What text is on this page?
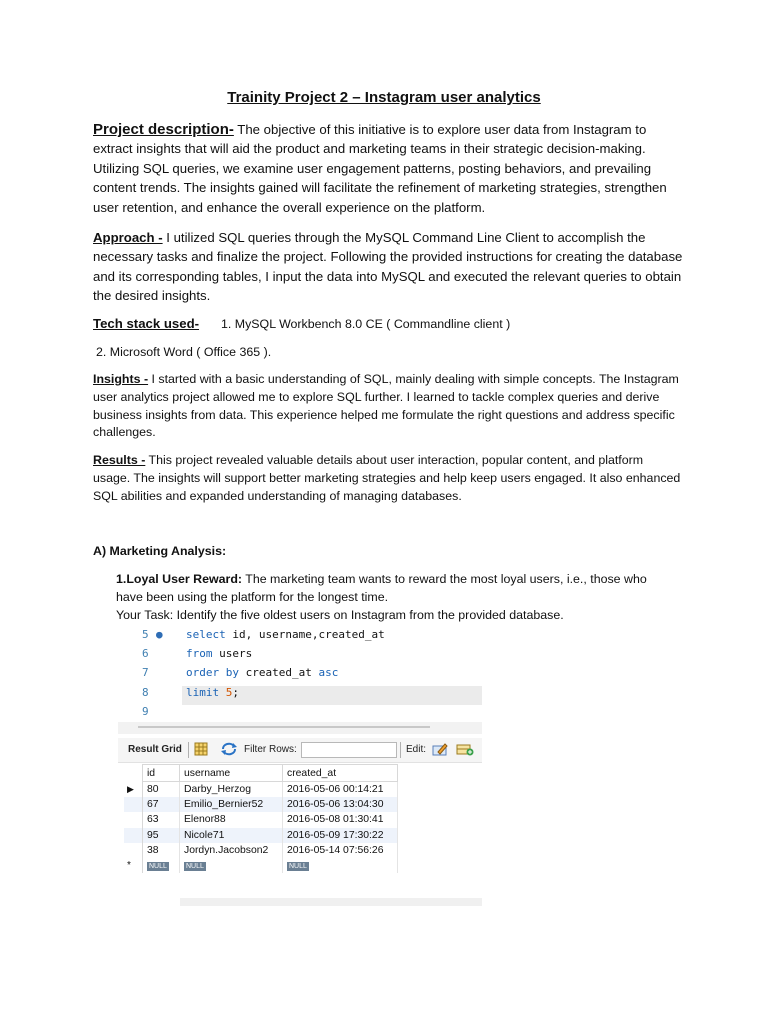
Trainity Project 2 – Instagram user analytics
Project description- The objective of this initiative is to explore user data from Instagram to extract insights that will aid the product and marketing teams in their strategic decision-making. Utilizing SQL queries, we examine user engagement patterns, posting behaviors, and prevailing content trends. The insights gained will facilitate the refinement of marketing strategies, strengthen user retention, and enhance the overall experience on the platform.
Approach - I utilized SQL queries through the MySQL Command Line Client to accomplish the necessary tasks and finalize the project. Following the provided instructions for creating the database and its corresponding tables, I input the data into MySQL and executed the relevant queries to obtain the desired insights.
Tech stack used- 1. MySQL Workbench 8.0 CE ( Commandline client )
2. Microsoft Word ( Office 365 ).
Insights - I started with a basic understanding of SQL, mainly dealing with simple concepts. The Instagram user analytics project allowed me to explore SQL further. I learned to tackle complex queries and derive business insights from data. This experience helped me formulate the right questions and address specific challenges.
Results - This project revealed valuable details about user interaction, popular content, and platform usage. The insights will support better marketing strategies and help keep users engaged. It also enhanced SQL abilities and expanded understanding of managing databases.
A) Marketing Analysis:
1.Loyal User Reward: The marketing team wants to reward the most loyal users, i.e., those who have been using the platform for the longest time.
Your Task: Identify the five oldest users on Instagram from the provided database.
5 ● select id, username,created_at
6	from users
7	order by created_at asc
8	limit 5;
9
Result Grid	Filter Rows:	Edit:
	id	username	created_at
▶	80	Darby_Herzog	2016-05-06 00:14:21
	67	Emilio_Bernier52	2016-05-06 13:04:30
	63	Elenor88	2016-05-08 01:30:41
	95	Nicole71	2016-05-09 17:30:22
	38	Jordyn.Jacobson2	2016-05-14 07:56:26
*	NULL	NULL	NULL
